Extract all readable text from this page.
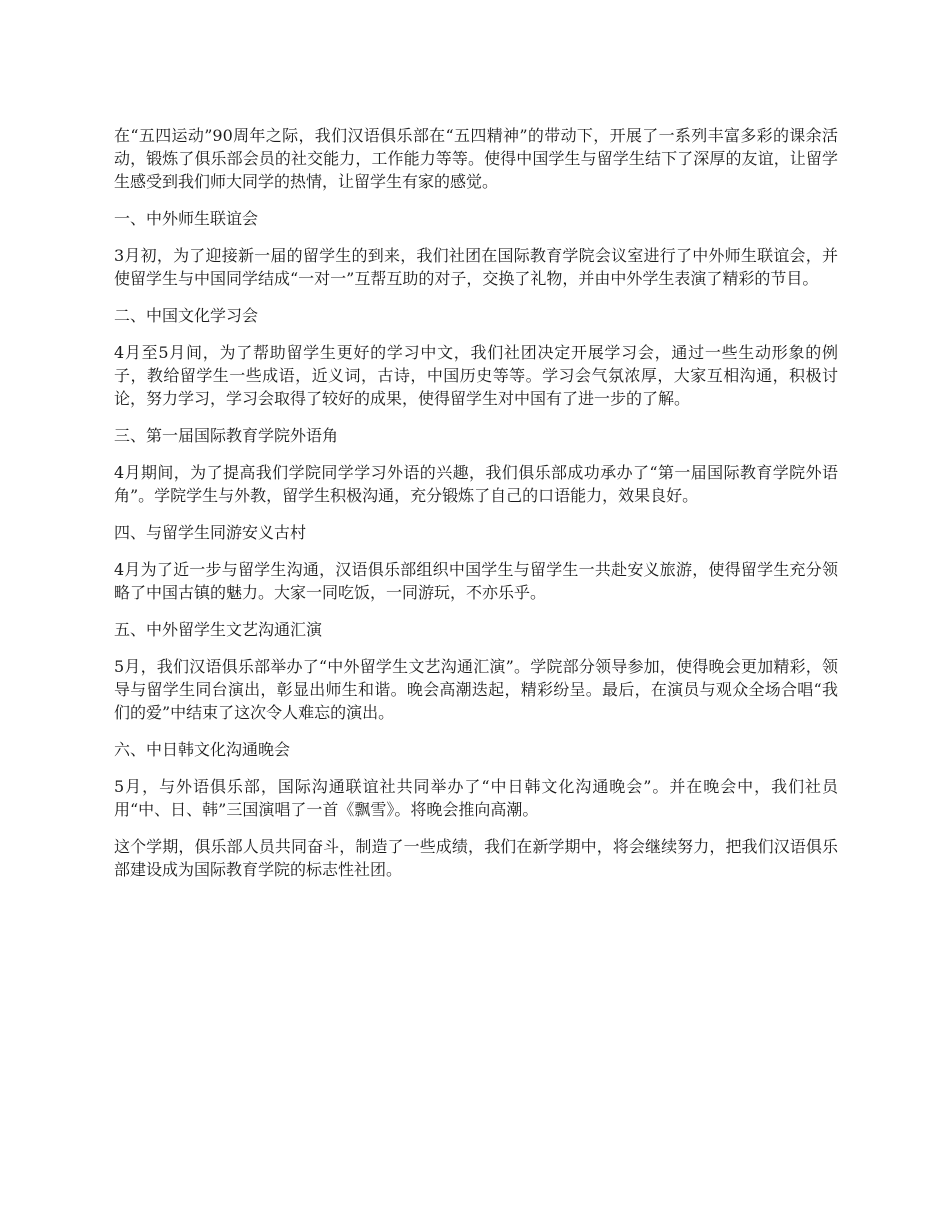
在“五四运动”90周年之际，我们汉语俱乐部在“五四精神”的带动下，开展了一系列丰富多彩的课余活动，锻炼了俱乐部会员的社交能力，工作能力等等。使得中国学生与留学生结下了深厚的友谊，让留学生感受到我们师大同学的热情，让留学生有家的感觉。

一、中外师生联谊会

3月初，为了迎接新一届的留学生的到来，我们社团在国际教育学院会议室进行了中外师生联谊会，并使留学生与中国同学结成“一对一”互帮互助的对子，交换了礼物，并由中外学生表演了精彩的节目。

二、中国文化学习会

4月至5月间，为了帮助留学生更好的学习中文，我们社团决定开展学习会，通过一些生动形象的例子，教给留学生一些成语，近义词，古诗，中国历史等等。学习会气氛浓厚，大家互相沟通，积极讨论，努力学习，学习会取得了较好的成果，使得留学生对中国有了进一步的了解。

三、第一届国际教育学院外语角

4月期间，为了提高我们学院同学学习外语的兴趣，我们俱乐部成功承办了“第一届国际教育学院外语角”。学院学生与外教，留学生积极沟通，充分锻炼了自己的口语能力，效果良好。

四、与留学生同游安义古村

4月为了近一步与留学生沟通，汉语俱乐部组织中国学生与留学生一共赴安义旅游，使得留学生充分领略了中国古镇的魅力。大家一同吃饭，一同游玩，不亦乐乎。

五、中外留学生文艺沟通汇演

5月，我们汉语俱乐部举办了“中外留学生文艺沟通汇演”。学院部分领导参加，使得晚会更加精彩，领导与留学生同台演出，彰显出师生和谐。晚会高潮迭起，精彩纷呈。最后，在演员与观众全场合唱“我们的爱”中结束了这次令人难忘的演出。

六、中日韩文化沟通晚会

5月，与外语俱乐部，国际沟通联谊社共同举办了“中日韩文化沟通晚会”。并在晚会中，我们社员用“中、日、韩”三国演唱了一首《飘雪》。将晚会推向高潮。

这个学期，俱乐部人员共同奋斗，制造了一些成绩，我们在新学期中，将会继续努力，把我们汉语俱乐部建设成为国际教育学院的标志性社团。
